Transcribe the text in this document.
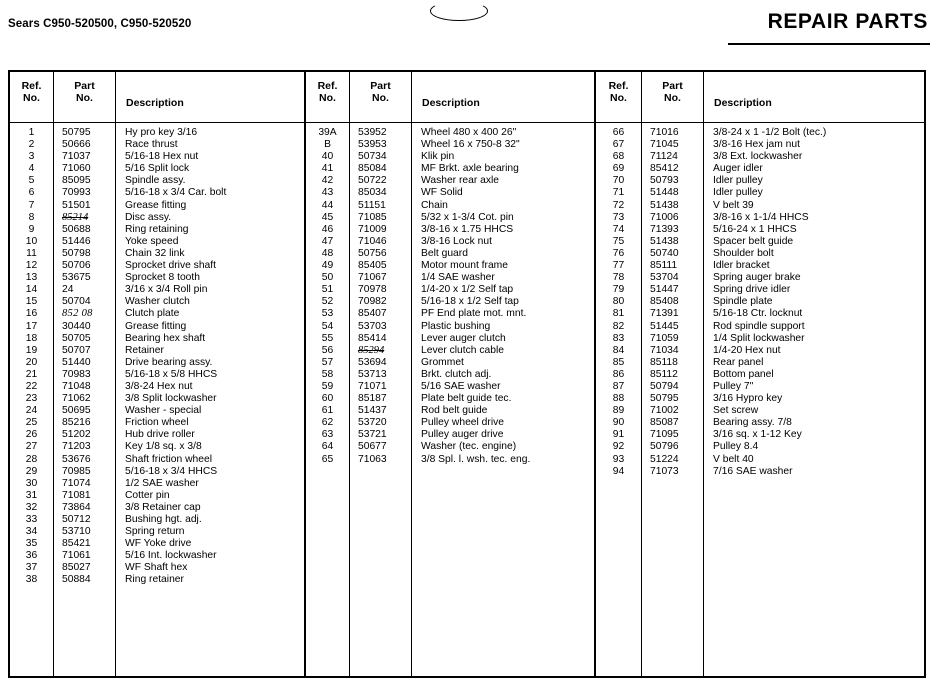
Sears C950-520500, C950-520520	REPAIR PARTS
Ref.
No.
1
2
3
4
5
6
7
8
9
10
11
12
13
14
15
16
17
18
19
20
21
22
23
24
25
26
27
28
29
30
31
32
33
34
35
36
37
38
Part
No.
50795
50666
71037
71060
85095
70993
51501
85214
50688
51446
50798
50706
53675
24
50704
852 08
30440
50705
50707
51440
70983
71048
71062
50695
85216
51202
71203
53676
70985
71074
71081
73864
50712
53710
85421
71061
85027
50884
Description
Hy pro key 3/16
Race thrust
5/16-18 Hex nut
5/16 Split lock
Spindle assy.
5/16-18 x 3/4 Car. bolt
Grease fitting
Disc assy.
Ring retaining
Yoke speed
Chain 32 link
Sprocket drive shaft
Sprocket 8 tooth
3/16 x 3/4 Roll pin
Washer clutch
Clutch plate
Grease fitting
Bearing hex shaft
Retainer
Drive bearing assy.
5/16-18 x 5/8 HHCS
3/8-24 Hex nut
3/8 Split lockwasher
Washer - special
Friction wheel
Hub drive roller
Key 1/8 sq. x 3/8
Shaft friction wheel
5/16-18 x 3/4 HHCS
1/2 SAE washer
Cotter pin
3/8 Retainer cap
Bushing hgt. adj.
Spring return
WF Yoke drive
5/16 Int. lockwasher
WF Shaft hex
Ring retainer
Ref.
No.
39A
B
40
41
42
43
44
45
46
47
48
49
50
51
52
53
54
55
56
57
58
59
60
61
62
63
64
65
Part
No.
53952
53953
50734
85084
50722
85034
51151
71085
71009
71046
50756
85405
71067
70978
70982
85407
53703
85414
85294
53694
53713
71071
85187
51437
53720
53721
50677
71063
Description
Wheel 480 x 400 26"
Wheel 16 x 750-8 32"
Klik pin
MF Brkt. axle bearing
Washer rear axle
WF Solid
Chain
5/32 x 1-3/4 Cot. pin
3/8-16 x 1.75 HHCS
3/8-16 Lock nut
Belt guard
Motor mount frame
1/4 SAE washer
1/4-20 x 1/2 Self tap
5/16-18 x 1/2 Self tap
PF End plate mot. mnt.
Plastic bushing
Lever auger clutch
Lever clutch cable
Grommet
Brkt. clutch adj.
5/16 SAE washer
Plate belt guide tec.
Rod belt guide
Pulley wheel drive
Pulley auger drive
Washer (tec. engine)
3/8 Spl. l. wsh. tec. eng.
Ref.
No.
66
67
68
69
70
71
72
73
74
75
76
77
78
79
80
81
82
83
84
85
86
87
88
89
90
91
92
93
94
Part
No.
71016
71045
71124
85412
50793
51448
51438
71006
71393
51438
50740
85111
53704
51447
85408
71391
51445
71059
71034
85118
85112
50794
50795
71002
85087
71095
50796
51224
71073
Description
3/8-24 x 1 -1/2 Bolt (tec.)
3/8-16 Hex jam nut
3/8 Ext. lockwasher
Auger idler
Idler pulley
Idler pulley
V belt 39
3/8-16 x 1-1/4 HHCS
5/16-24 x 1 HHCS
Spacer belt guide
Shoulder bolt
Idler bracket
Spring auger brake
Spring drive idler
Spindle plate
5/16-18 Ctr. locknut
Rod spindle support
1/4 Split lockwasher
1/4-20 Hex nut
Rear panel
Bottom panel
Pulley 7"
3/16 Hypro key
Set screw
Bearing assy. 7/8
3/16 sq. x 1-12 Key
Pulley 8.4
V belt 40
7/16 SAE washer
